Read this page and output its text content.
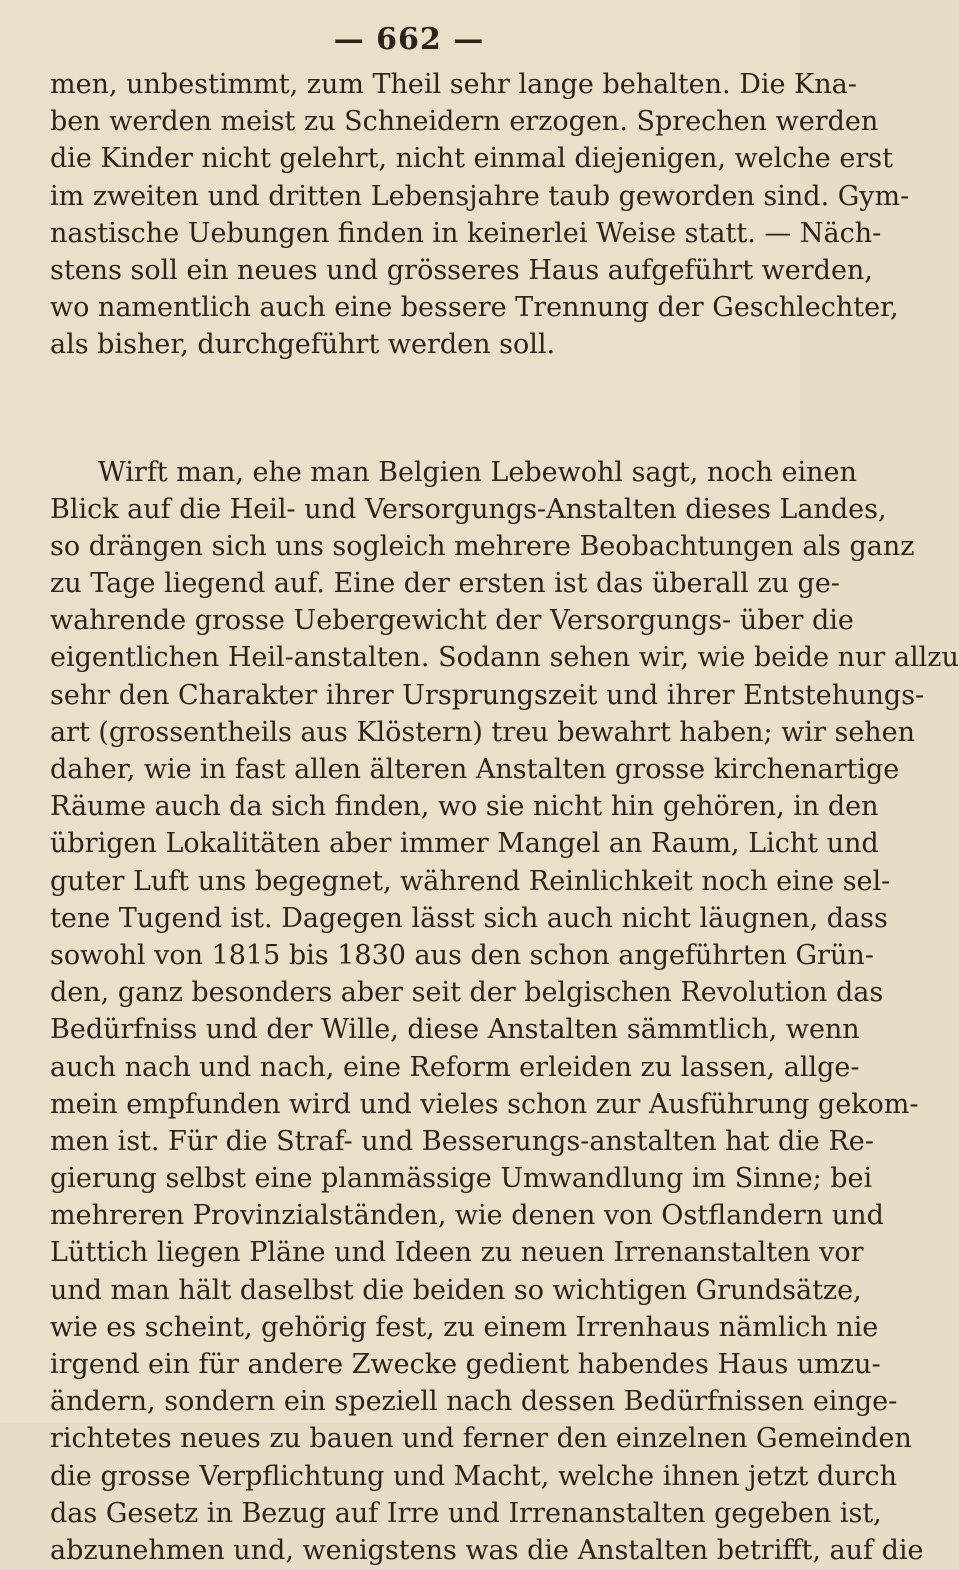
— 662 —
men, unbestimmt, zum Theil sehr lange behalten. Die Kna-
ben werden meist zu Schneidern erzogen. Sprechen werden
die Kinder nicht gelehrt, nicht einmal diejenigen, welche erst
im zweiten und dritten Lebensjahre taub geworden sind. Gym-
nastische Uebungen finden in keinerlei Weise statt. — Näch-
stens soll ein neues und grösseres Haus aufgeführt werden,
wo namentlich auch eine bessere Trennung der Geschlechter,
als bisher, durchgeführt werden soll.
Wirft man, ehe man Belgien Lebewohl sagt, noch einen
Blick auf die Heil- und Versorgungs-Anstalten dieses Landes,
so drängen sich uns sogleich mehrere Beobachtungen als ganz
zu Tage liegend auf. Eine der ersten ist das überall zu ge-
wahrende grosse Uebergewicht der Versorgungs- über die
eigentlichen Heil-anstalten. Sodann sehen wir, wie beide nur allzu
sehr den Charakter ihrer Ursprungszeit und ihrer Entstehungs-
art (grossentheils aus Klöstern) treu bewahrt haben; wir sehen
daher, wie in fast allen älteren Anstalten grosse kirchenartige
Räume auch da sich finden, wo sie nicht hin gehören, in den
übrigen Lokalitäten aber immer Mangel an Raum, Licht und
guter Luft uns begegnet, während Reinlichkeit noch eine sel-
tene Tugend ist. Dagegen lässt sich auch nicht läugnen, dass
sowohl von 1815 bis 1830 aus den schon angeführten Grün-
den, ganz besonders aber seit der belgischen Revolution das
Bedürfniss und der Wille, diese Anstalten sämmtlich, wenn
auch nach und nach, eine Reform erleiden zu lassen, allge-
mein empfunden wird und vieles schon zur Ausführung gekom-
men ist. Für die Straf- und Besserungs-anstalten hat die Re-
gierung selbst eine planmässige Umwandlung im Sinne; bei
mehreren Provinzialständen, wie denen von Ostflandern und
Lüttich liegen Pläne und Ideen zu neuen Irrenanstalten vor
und man hält daselbst die beiden so wichtigen Grundsätze,
wie es scheint, gehörig fest, zu einem Irrenhaus nämlich nie
irgend ein für andere Zwecke gedient habendes Haus umzu-
ändern, sondern ein speziell nach dessen Bedürfnissen einge-
richtetes neues zu bauen und ferner den einzelnen Gemeinden
die grosse Verpflichtung und Macht, welche ihnen jetzt durch
das Gesetz in Bezug auf Irre und Irrenanstalten gegeben ist,
abzunehmen und, wenigstens was die Anstalten betrifft, auf die
